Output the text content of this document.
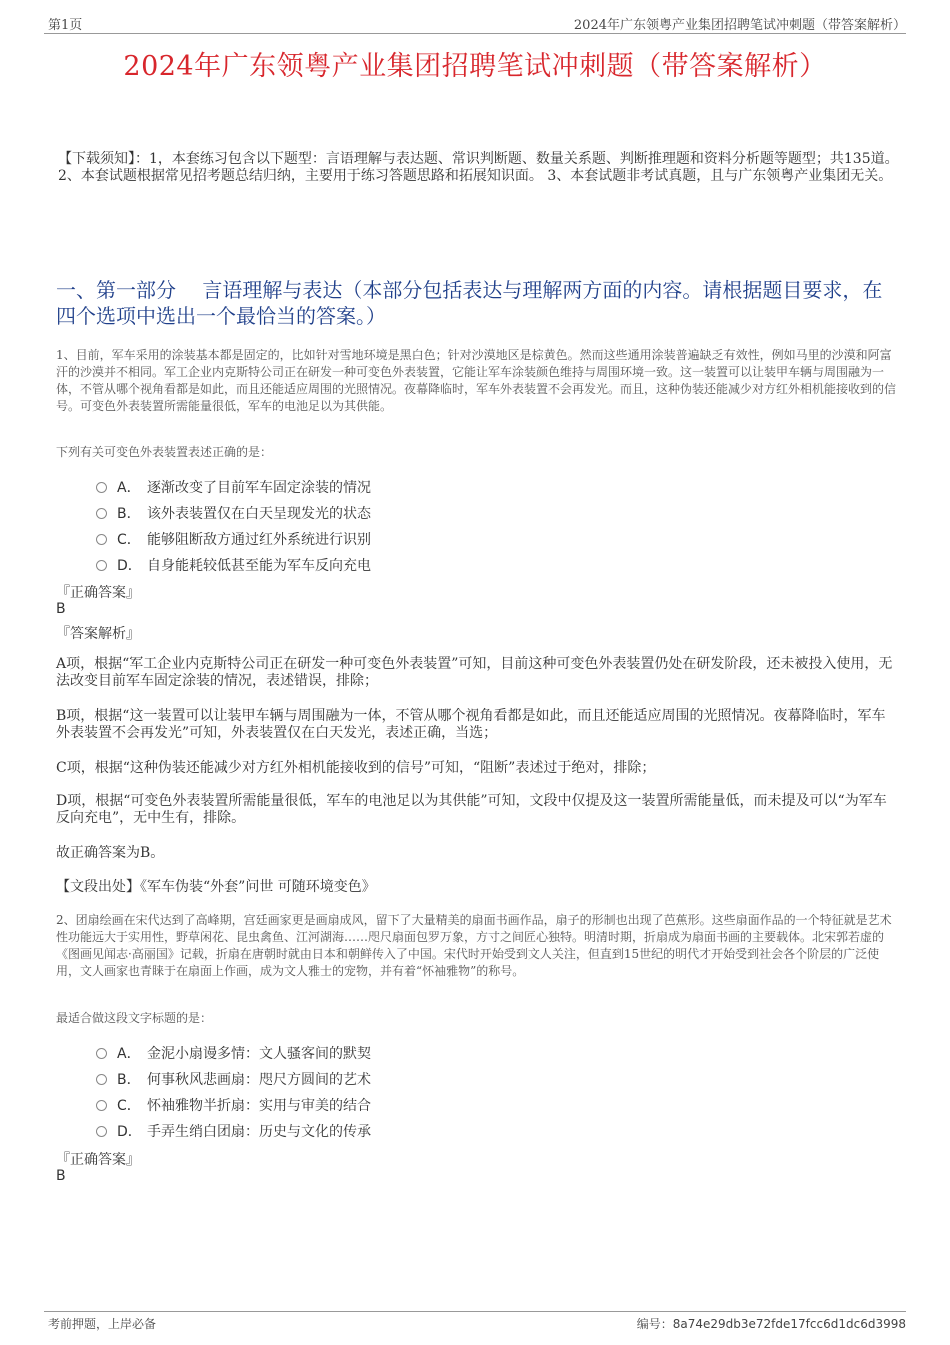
第1页	2024年广东领粤产业集团招聘笔试冲刺题（带答案解析）
2024年广东领粤产业集团招聘笔试冲刺题（带答案解析）
【下载须知】：1，本套练习包含以下题型：言语理解与表达题、常识判断题、数量关系题、判断推理题和资料分析题等题型；共135道。 2、本套试题根据常见招考题总结归纳，主要用于练习答题思路和拓展知识面。 3、本套试题非考试真题，且与广东领粤产业集团无关。
一、第一部分　 言语理解与表达（本部分包括表达与理解两方面的内容。请根据题目要求，在四个选项中选出一个最恰当的答案。）
1、目前，军车采用的涂装基本都是固定的，比如针对雪地环境是黑白色；针对沙漠地区是棕黄色。然而这些通用涂装普遍缺乏有效性，例如马里的沙漠和阿富汗的沙漠并不相同。军工企业内克斯特公司正在研发一种可变色外表装置，它能让军车涂装颜色维持与周围环境一致。这一装置可以让装甲车辆与周围融为一体，不管从哪个视角看都是如此，而且还能适应周围的光照情况。夜幕降临时，军车外表装置不会再发光。而且，这种伪装还能减少对方红外相机能接收到的信号。可变色外表装置所需能量很低，军车的电池足以为其供能。
下列有关可变色外表装置表述正确的是：
A． 逐渐改变了目前军车固定涂装的情况
B． 该外表装置仅在白天呈现发光的状态
C． 能够阻断敌方通过红外系统进行识别
D． 自身能耗较低甚至能为军车反向充电
『正确答案』
B
『答案解析』
A项，根据“军工企业内克斯特公司正在研发一种可变色外表装置”可知，目前这种可变色外表装置仍处在研发阶段，还未被投入使用，无法改变目前军车固定涂装的情况，表述错误，排除；
B项，根据“这一装置可以让装甲车辆与周围融为一体，不管从哪个视角看都是如此，而且还能适应周围的光照情况。夜幕降临时，军车外表装置不会再发光”可知，外表装置仅在白天发光，表述正确，当选；
C项，根据“这种伪装还能减少对方红外相机能接收到的信号”可知，“阻断”表述过于绝对，排除；
D项，根据“可变色外表装置所需能量很低，军车的电池足以为其供能”可知，文段中仅提及这一装置所需能量低，而未提及可以“为军车反向充电”，无中生有，排除。
故正确答案为B。
【文段出处】《军车伪装“外套”问世 可随环境变色》
2、团扇绘画在宋代达到了高峰期，宫廷画家更是画扇成风，留下了大量精美的扇面书画作品，扇子的形制也出现了芭蕉形。这些扇面作品的一个特征就是艺术性功能远大于实用性，野草闲花、昆虫禽鱼、江河湖海……咫尺扇面包罗万象，方寸之间匠心独特。明清时期，折扇成为扇面书画的主要载体。北宋郭若虚的《图画见闻志·高丽国》记载，折扇在唐朝时就由日本和朝鲜传入了中国。宋代时开始受到文人关注，但直到15世纪的明代才开始受到社会各个阶层的广泛使用，文人画家也青睐于在扇面上作画，成为文人雅士的宠物，并有着“怀袖雅物”的称号。
最适合做这段文字标题的是：
A． 金泥小扇谩多情：文人骚客间的默契
B． 何事秋风悲画扇：咫尺方圆间的艺术
C． 怀袖雅物半折扇：实用与审美的结合
D． 手弄生绡白团扇：历史与文化的传承
『正确答案』
B
考前押题，上岸必备	编号：8a74e29db3e72fde17fcc6d1dc6d3998
